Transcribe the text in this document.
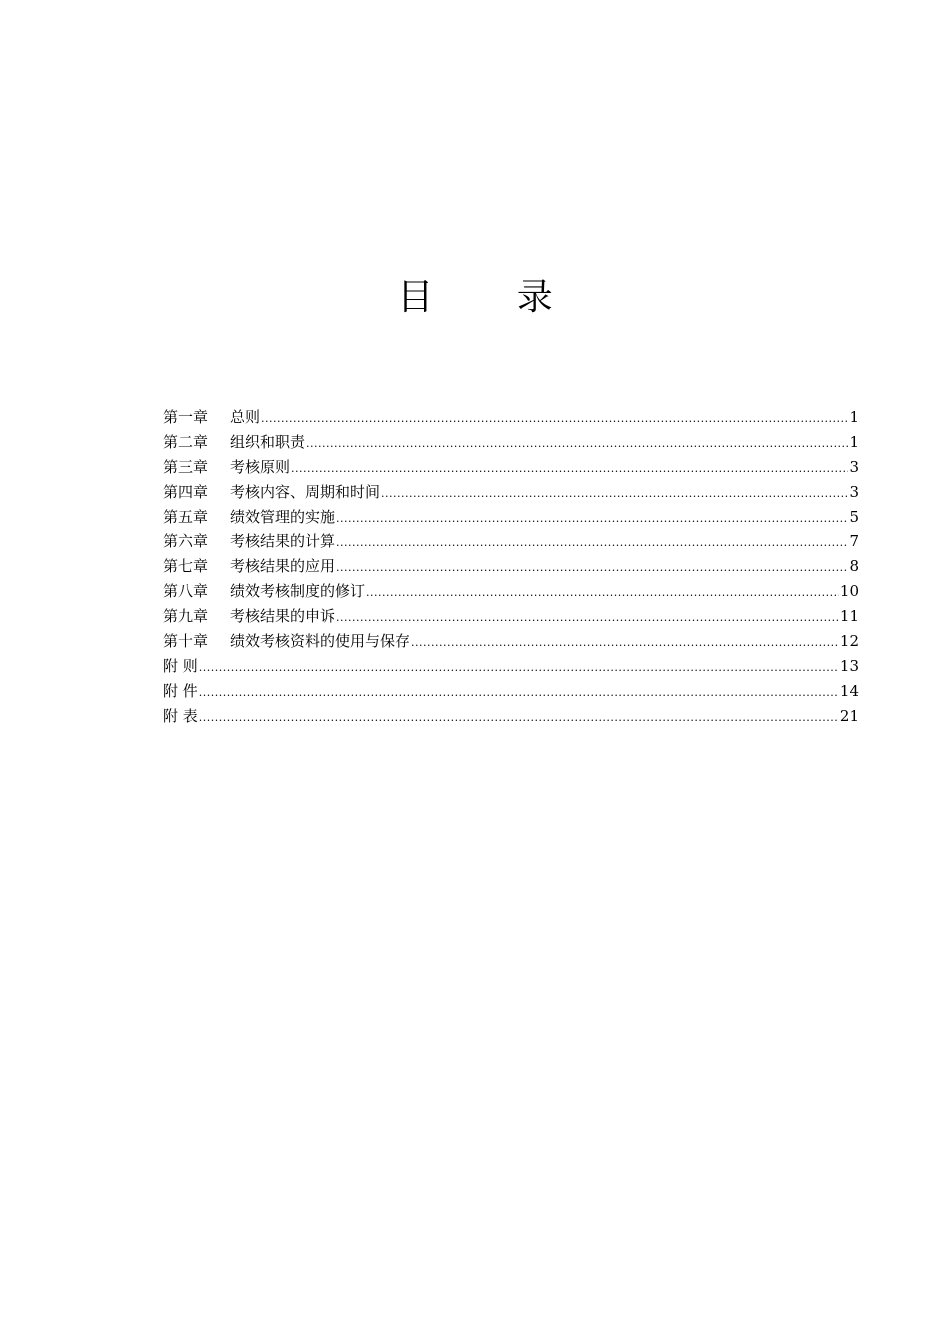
目 录
第一章	总则 .....	1
第二章	组织和职责 .....	1
第三章	考核原则 .....	3
第四章	考核内容、周期和时间 .....	3
第五章	绩效管理的实施 .....	5
第六章	考核结果的计算 .....	7
第七章	考核结果的应用 .....	8
第八章	绩效考核制度的修订 .....	10
第九章	考核结果的申诉 .....	11
第十章	绩效考核资料的使用与保存 .....	12
附 则 .....	13
附 件 .....	14
附 表 .....	21
